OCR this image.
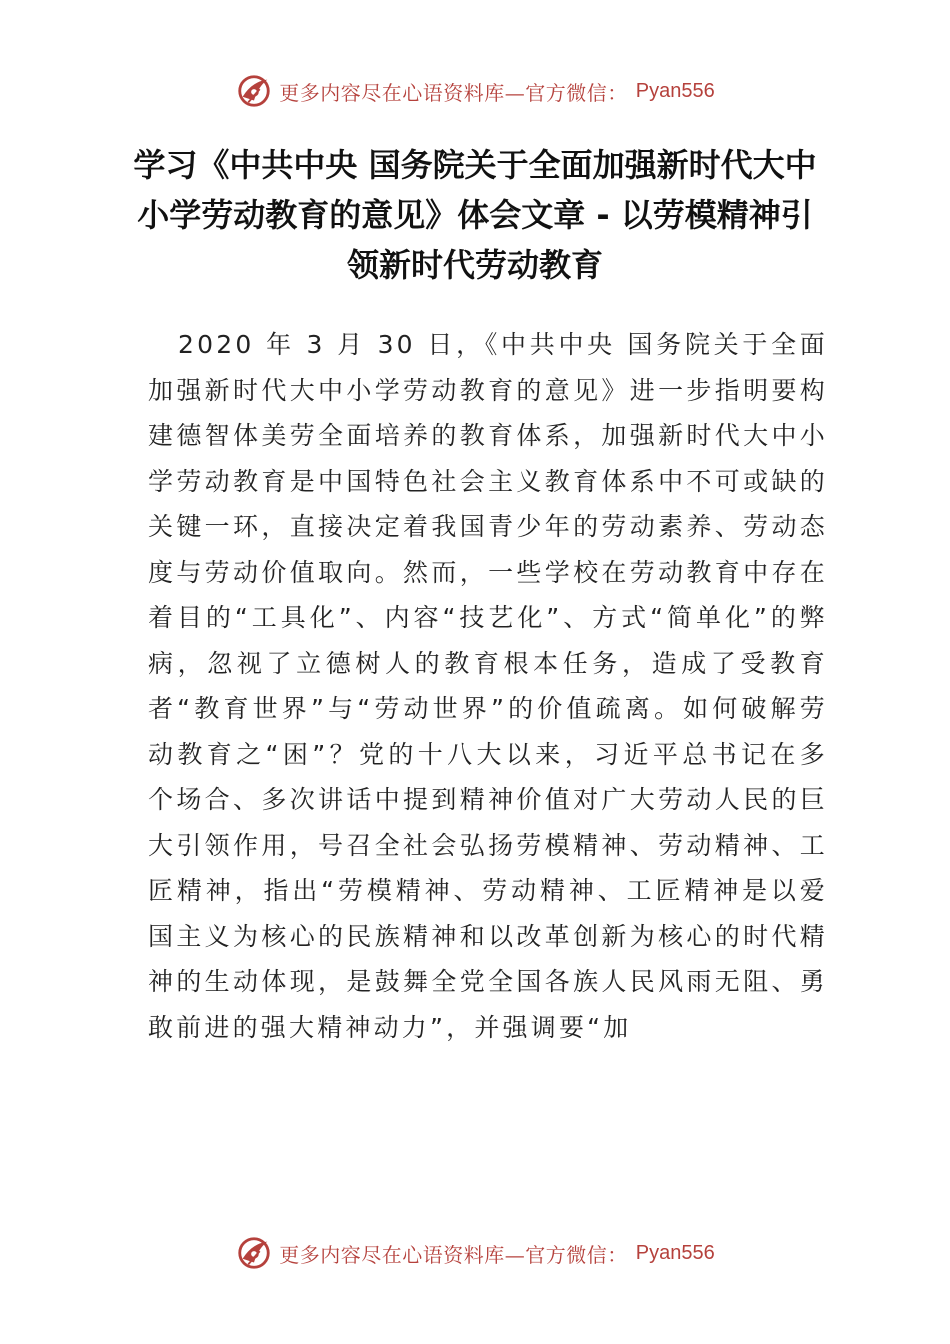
更多内容尽在心语资料库—官方微信： Pyan556
学习《中共中央 国务院关于全面加强新时代大中小学劳动教育的意见》体会文章 - 以劳模精神引领新时代劳动教育

2020 年 3 月 30 日，《中共中央 国务院关于全面加强新时代大中小学劳动教育的意见》进一步指明要构建德智体美劳全面培养的教育体系，加强新时代大中小学劳动教育是中国特色社会主义教育体系中不可或缺的关键一环，直接决定着我国青少年的劳动素养、劳动态度与劳动价值取向。然而，一些学校在劳动教育中存在着目的“工具化”、内容“技艺化”、方式“简单化”的弊病，忽视了立德树人的教育根本任务，造成了受教育者“教育世界”与“劳动世界”的价值疏离。如何破解劳动教育之“困”？党的十八大以来，习近平总书记在多个场合、多次讲话中提到精神价值对广大劳动人民的巨大引领作用，号召全社会弘扬劳模精神、劳动精神、工匠精神，指出“劳模精神、劳动精神、工匠精神是以爱国主义为核心的民族精神和以改革创新为核心的时代精神的生动体现，是鼓舞全党全国各族人民风雨无阻、勇敢前进的强大精神动力”，并强调要“加

更多内容尽在心语资料库—官方微信： Pyan556
